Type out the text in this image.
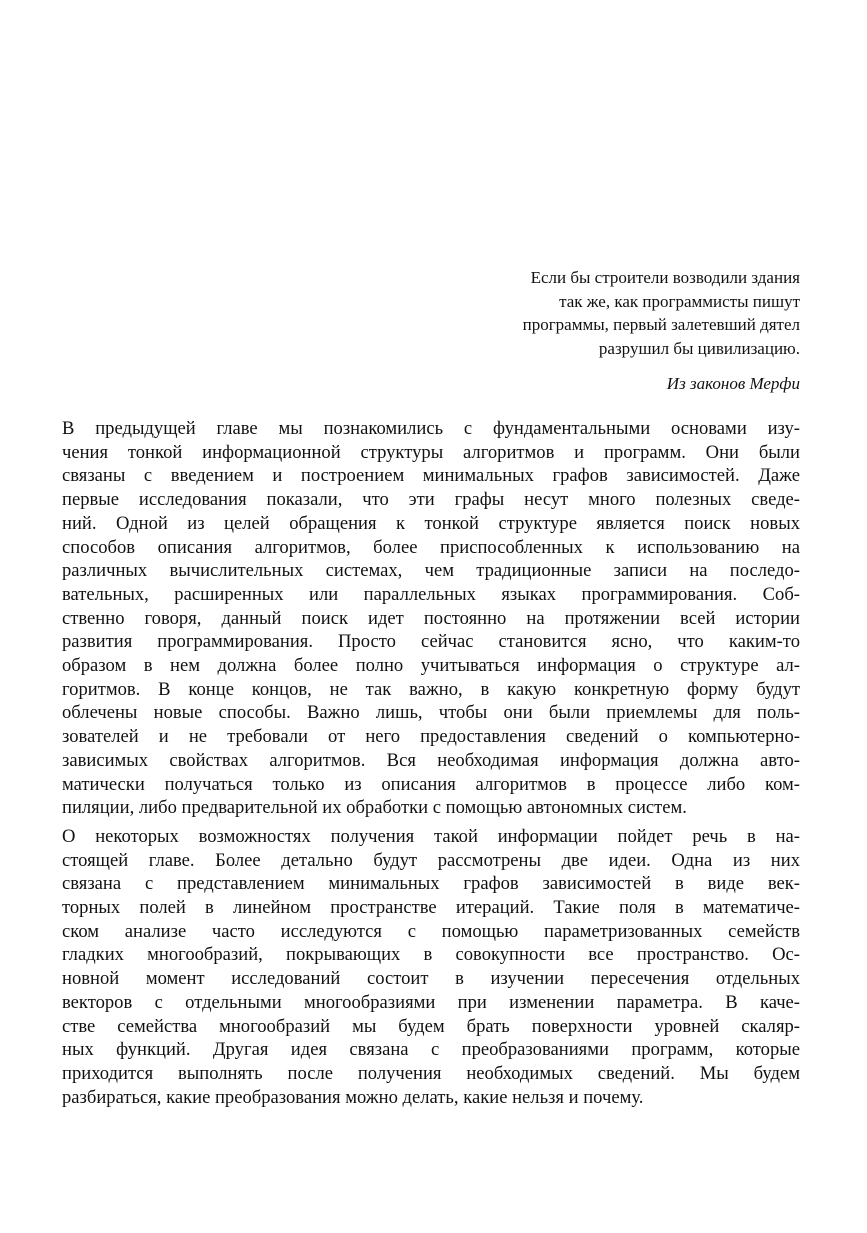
Если бы строители возводили здания
так же, как программисты пишут
программы, первый залетевший дятел
разрушил бы цивилизацию.
Из законов Мерфи

В предыдущей главе мы познакомились с фундаментальными основами изу-
чения тонкой информационной структуры алгоритмов и программ. Они были
связаны с введением и построением минимальных графов зависимостей. Даже
первые исследования показали, что эти графы несут много полезных сведе-
ний. Одной из целей обращения к тонкой структуре является поиск новых
способов описания алгоритмов, более приспособленных к использованию на
различных вычислительных системах, чем традиционные записи на последо-
вательных, расширенных или параллельных языках программирования. Соб-
ственно говоря, данный поиск идет постоянно на протяжении всей истории
развития программирования. Просто сейчас становится ясно, что каким-то
образом в нем должна более полно учитываться информация о структуре ал-
горитмов. В конце концов, не так важно, в какую конкретную форму будут
облечены новые способы. Важно лишь, чтобы они были приемлемы для поль-
зователей и не требовали от него предоставления сведений о компьютерно-
зависимых свойствах алгоритмов. Вся необходимая информация должна авто-
матически получаться только из описания алгоритмов в процессе либо ком-
пиляции, либо предварительной их обработки с помощью автономных систем.

О некоторых возможностях получения такой информации пойдет речь в на-
стоящей главе. Более детально будут рассмотрены две идеи. Одна из них
связана с представлением минимальных графов зависимостей в виде век-
торных полей в линейном пространстве итераций. Такие поля в математиче-
ском анализе часто исследуются с помощью параметризованных семейств
гладких многообразий, покрывающих в совокупности все пространство. Ос-
новной момент исследований состоит в изучении пересечения отдельных
векторов с отдельными многообразиями при изменении параметра. В каче-
стве семейства многообразий мы будем брать поверхности уровней скаляр-
ных функций. Другая идея связана с преобразованиями программ, которые
приходится выполнять после получения необходимых сведений. Мы будем
разбираться, какие преобразования можно делать, какие нельзя и почему.
